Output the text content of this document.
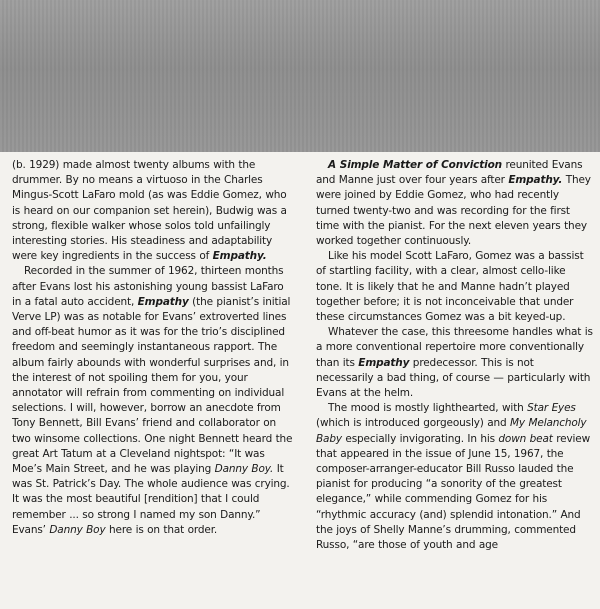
(b. 1929) made almost twenty albums with the drummer. By no means a virtuoso in the Charles Mingus-Scott LaFaro mold (as was Eddie Gomez, who is heard on our companion set herein), Budwig was a strong, flexible walker whose solos told unfailingly interesting stories. His steadiness and adaptability were key ingredients in the success of Empathy.

Recorded in the summer of 1962, thirteen months after Evans lost his astonishing young bassist LaFaro in a fatal auto accident, Empathy (the pianist’s initial Verve LP) was as notable for Evans’ extroverted lines and off-beat humor as it was for the trio’s disciplined freedom and seemingly instantaneous rapport. The album fairly abounds with wonderful surprises and, in the interest of not spoiling them for you, your annotator will refrain from commenting on individual selections. I will, however, borrow an anecdote from Tony Bennett, Bill Evans’ friend and collaborator on two winsome collections. One night Bennett heard the great Art Tatum at a Cleveland nightspot: “It was Moe’s Main Street, and he was playing Danny Boy. It was St. Patrick’s Day. The whole audience was crying. It was the most beautiful [rendition] that I could remember ... so strong I named my son Danny.” Evans’ Danny Boy here is on that order.

A Simple Matter of Conviction reunited Evans and Manne just over four years after Empathy. They were joined by Eddie Gomez, who had recently turned twenty-two and was recording for the first time with the pianist. For the next eleven years they worked together continuously.

Like his model Scott LaFaro, Gomez was a bassist of startling facility, with a clear, almost cello-like tone. It is likely that he and Manne hadn’t played together before; it is not inconceivable that under these circumstances Gomez was a bit keyed-up.

Whatever the case, this threesome handles what is a more conventional repertoire more conventionally than its Empathy predecessor. This is not necessarily a bad thing, of course — particularly with Evans at the helm.

The mood is mostly lighthearted, with Star Eyes (which is introduced gorgeously) and My Melancholy Baby especially invigorating. In his down beat review that appeared in the issue of June 15, 1967, the composer-arranger-educator Bill Russo lauded the pianist for producing “a sonority of the greatest elegance,” while commending Gomez for his “rhythmic accuracy (and) splendid intonation.” And the joys of Shelly Manne’s drumming, commented Russo, “are those of youth and age
